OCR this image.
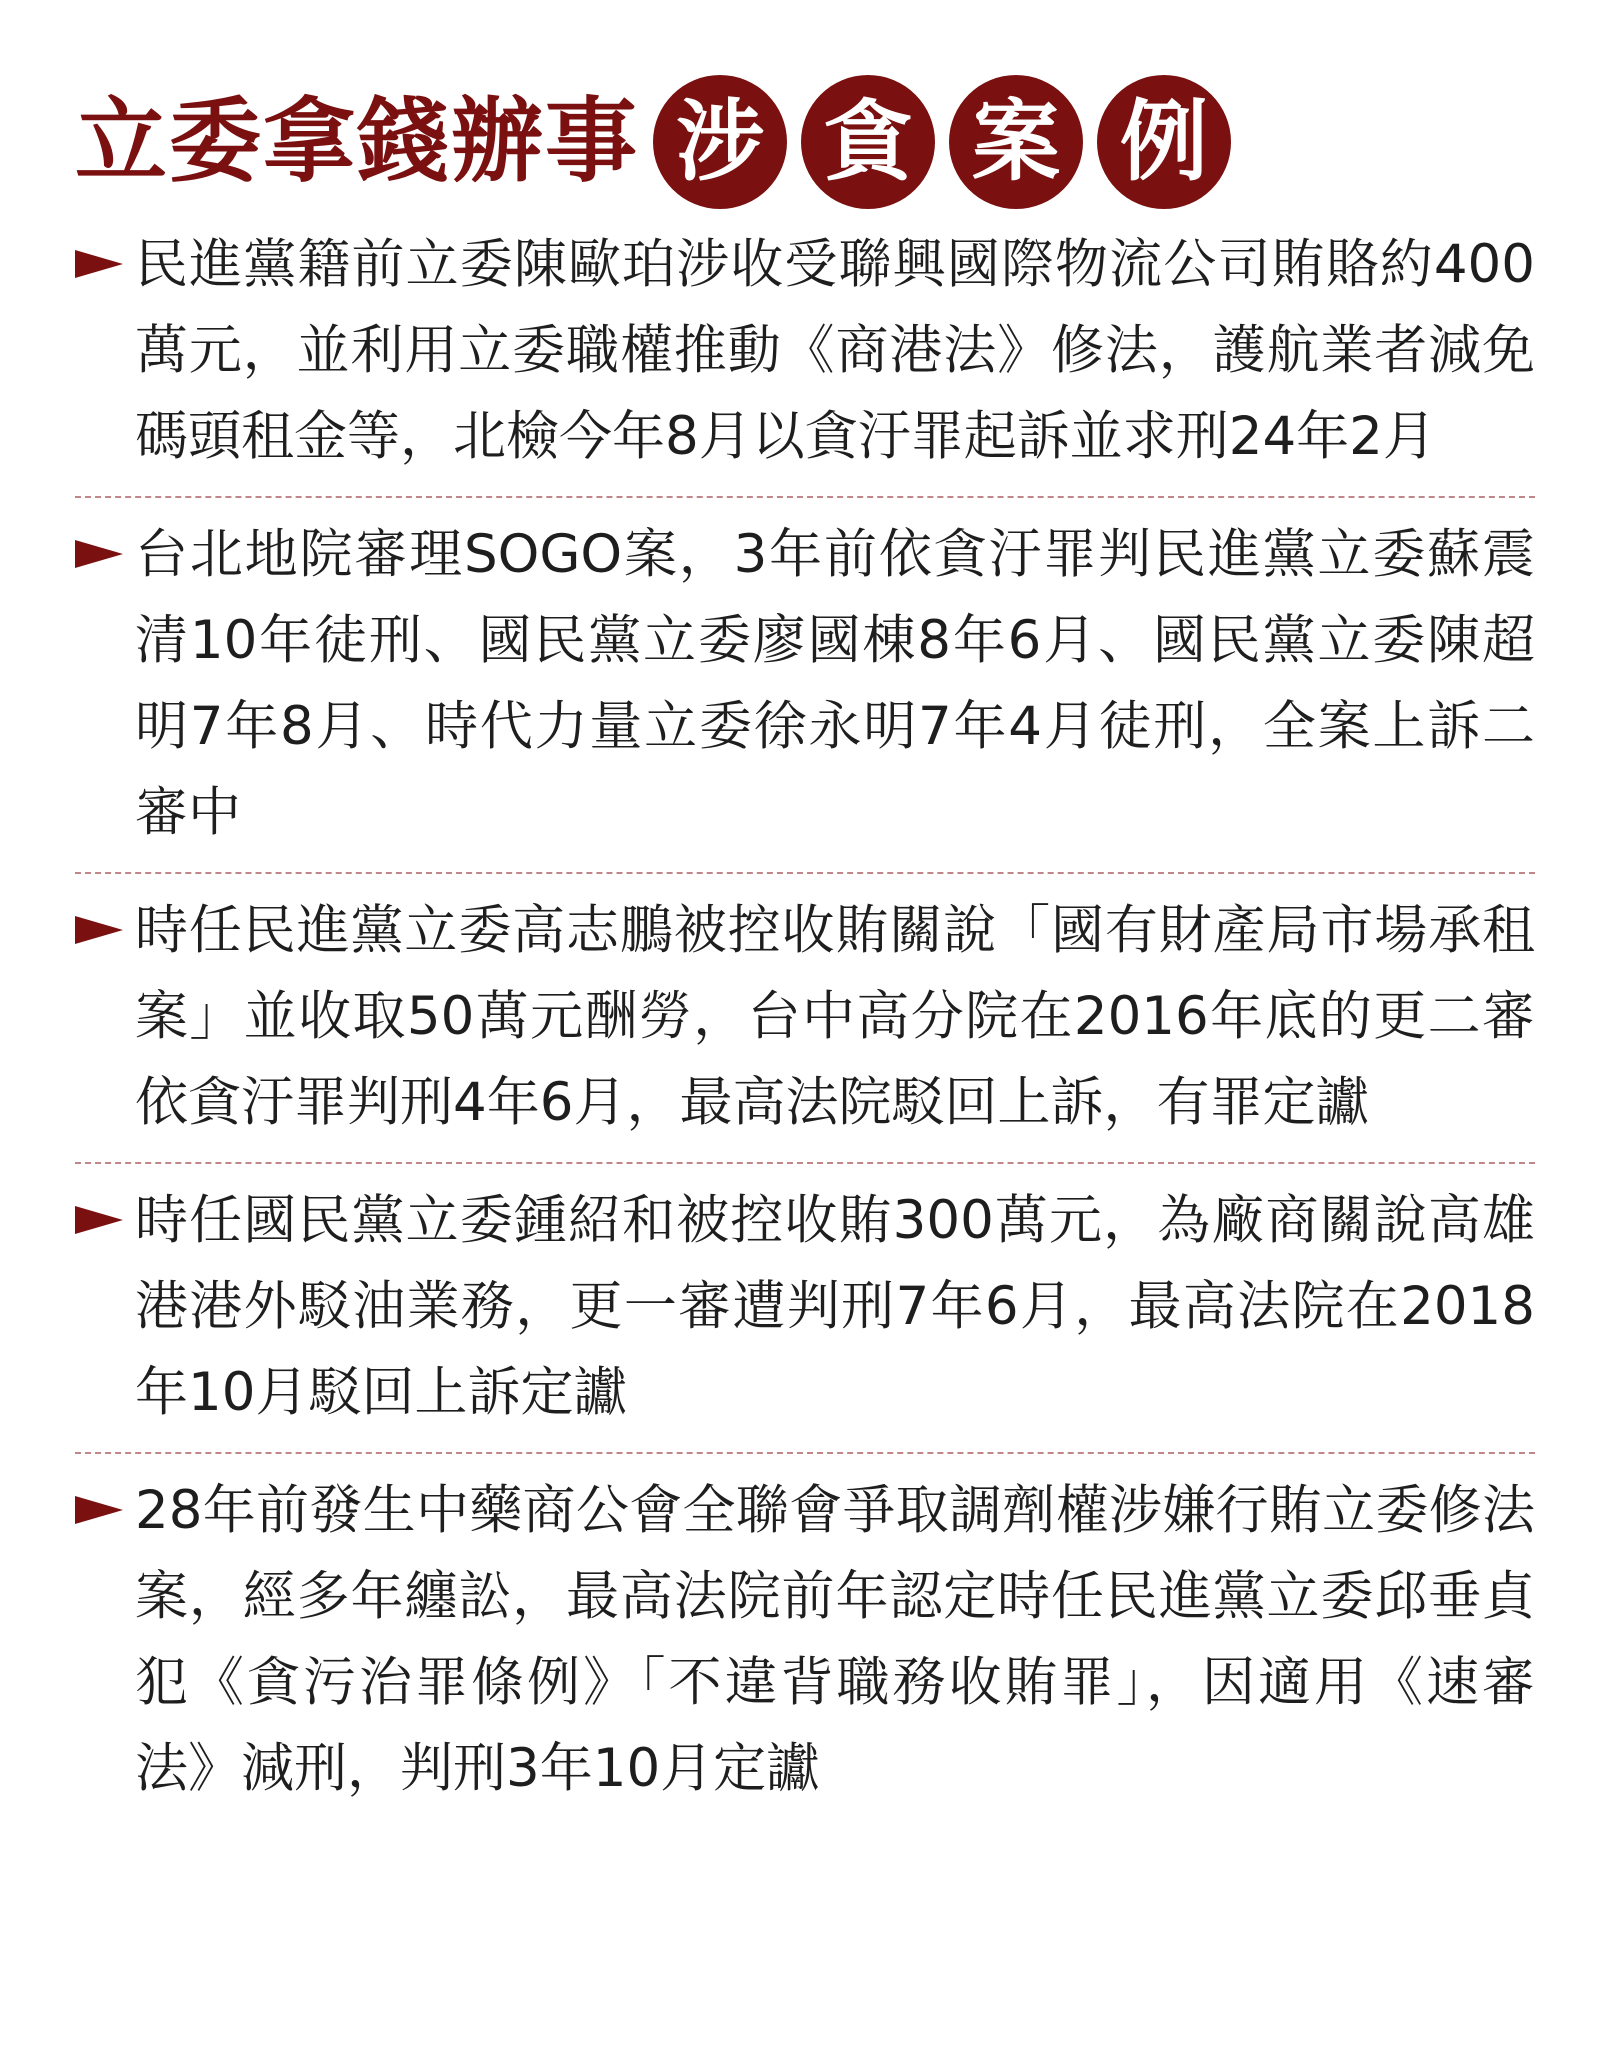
立委拿錢辦事 涉 貪 案 例
民進黨籍前立委陳歐珀涉收受聯興國際物流公司賄賂約400萬元，並利用立委職權推動《商港法》修法，護航業者減免碼頭租金等，北檢今年8月以貪汙罪起訴並求刑24年2月
台北地院審理SOGO案，3年前依貪汙罪判民進黨立委蘇震清10年徒刑、國民黨立委廖國棟8年6月、國民黨立委陳超明7年8月、時代力量立委徐永明7年4月徒刑，全案上訴二審中
時任民進黨立委高志鵬被控收賄關說「國有財產局市場承租案」並收取50萬元酬勞，台中高分院在2016年底的更二審依貪汙罪判刑4年6月，最高法院駁回上訴，有罪定讞
時任國民黨立委鍾紹和被控收賄300萬元，為廠商關說高雄港港外駁油業務，更一審遭判刑7年6月，最高法院在2018年10月駁回上訴定讞
28年前發生中藥商公會全聯會爭取調劑權涉嫌行賄立委修法案，經多年纏訟，最高法院前年認定時任民進黨立委邱垂貞犯《貪污治罪條例》「不違背職務收賄罪」，因適用《速審法》減刑，判刑3年10月定讞
